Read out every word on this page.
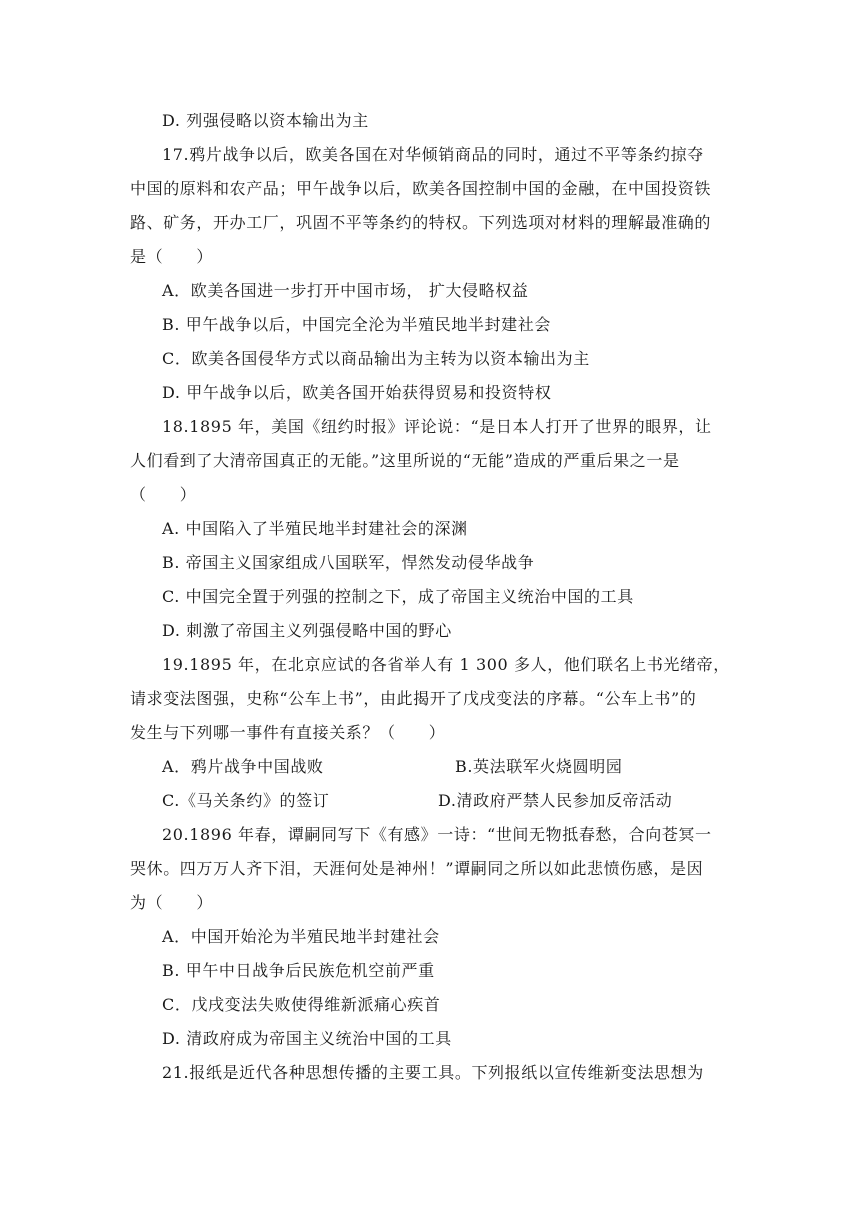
D. 列强侵略以资本输出为主
17.鸦片战争以后，欧美各国在对华倾销商品的同时，通过不平等条约掠夺
中国的原料和农产品；甲午战争以后，欧美各国控制中国的金融，在中国投资铁
路、矿务，开办工厂，巩固不平等条约的特权。下列选项对材料的理解最准确的
是（　　）
A．欧美各国进一步打开中国市场， 扩大侵略权益
B. 甲午战争以后，中国完全沦为半殖民地半封建社会
C．欧美各国侵华方式以商品输出为主转为以资本输出为主
D. 甲午战争以后，欧美各国开始获得贸易和投资特权
18.1895 年，美国《纽约时报》评论说：“是日本人打开了世界的眼界，让
人们看到了大清帝国真正的无能。”这里所说的“无能”造成的严重后果之一是
（　　）
A. 中国陷入了半殖民地半封建社会的深渊
B. 帝国主义国家组成八国联军，悍然发动侵华战争
C. 中国完全置于列强的控制之下，成了帝国主义统治中国的工具
D. 刺激了帝国主义列强侵略中国的野心
19.1895 年，在北京应试的各省举人有 1 300 多人，他们联名上书光绪帝，
请求变法图强，史称“公车上书”，由此揭开了戊戌变法的序幕。“公车上书”的
发生与下列哪一事件有直接关系？（　　）
A．鸦片战争中国战败	B.英法联军火烧圆明园
C.《马关条约》的签订	D.清政府严禁人民参加反帝活动
20.1896 年春，谭嗣同写下《有感》一诗：“世间无物抵春愁，合向苍冥一
哭休。四万万人齐下泪，天涯何处是神州！”谭嗣同之所以如此悲愤伤感，是因
为（　　）
A．中国开始沦为半殖民地半封建社会
B. 甲午中日战争后民族危机空前严重
C．戊戌变法失败使得维新派痛心疾首
D. 清政府成为帝国主义统治中国的工具
21.报纸是近代各种思想传播的主要工具。下列报纸以宣传维新变法思想为
